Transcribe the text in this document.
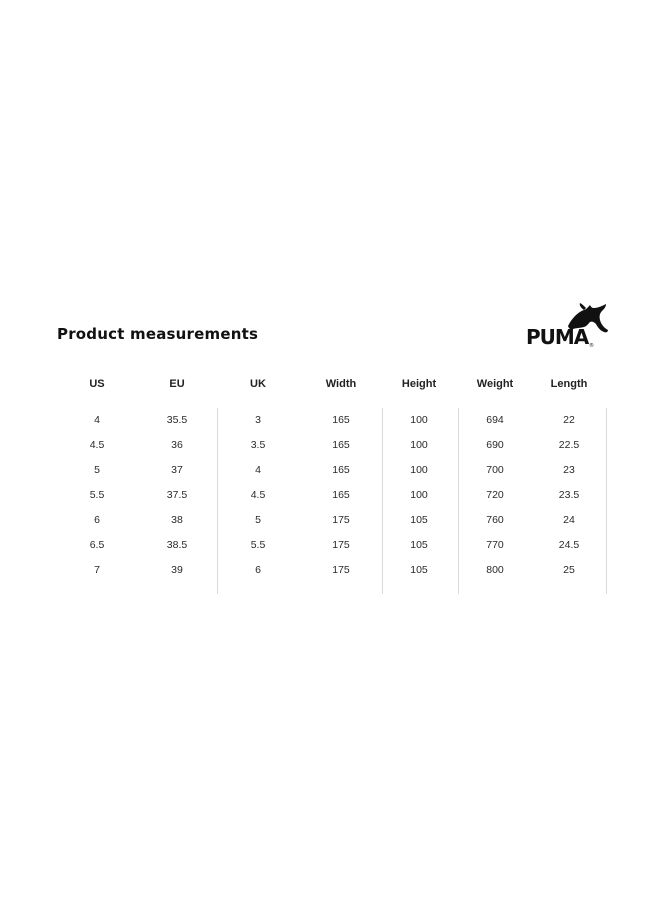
Product measurements	PUMA ®
US	EU	UK	Width	Height	Weight	Length
4	35.5	3	165	100	694	22
4.5	36	3.5	165	100	690	22.5
5	37	4	165	100	700	23
5.5	37.5	4.5	165	100	720	23.5
6	38	5	175	105	760	24
6.5	38.5	5.5	175	105	770	24.5
7	39	6	175	105	800	25
